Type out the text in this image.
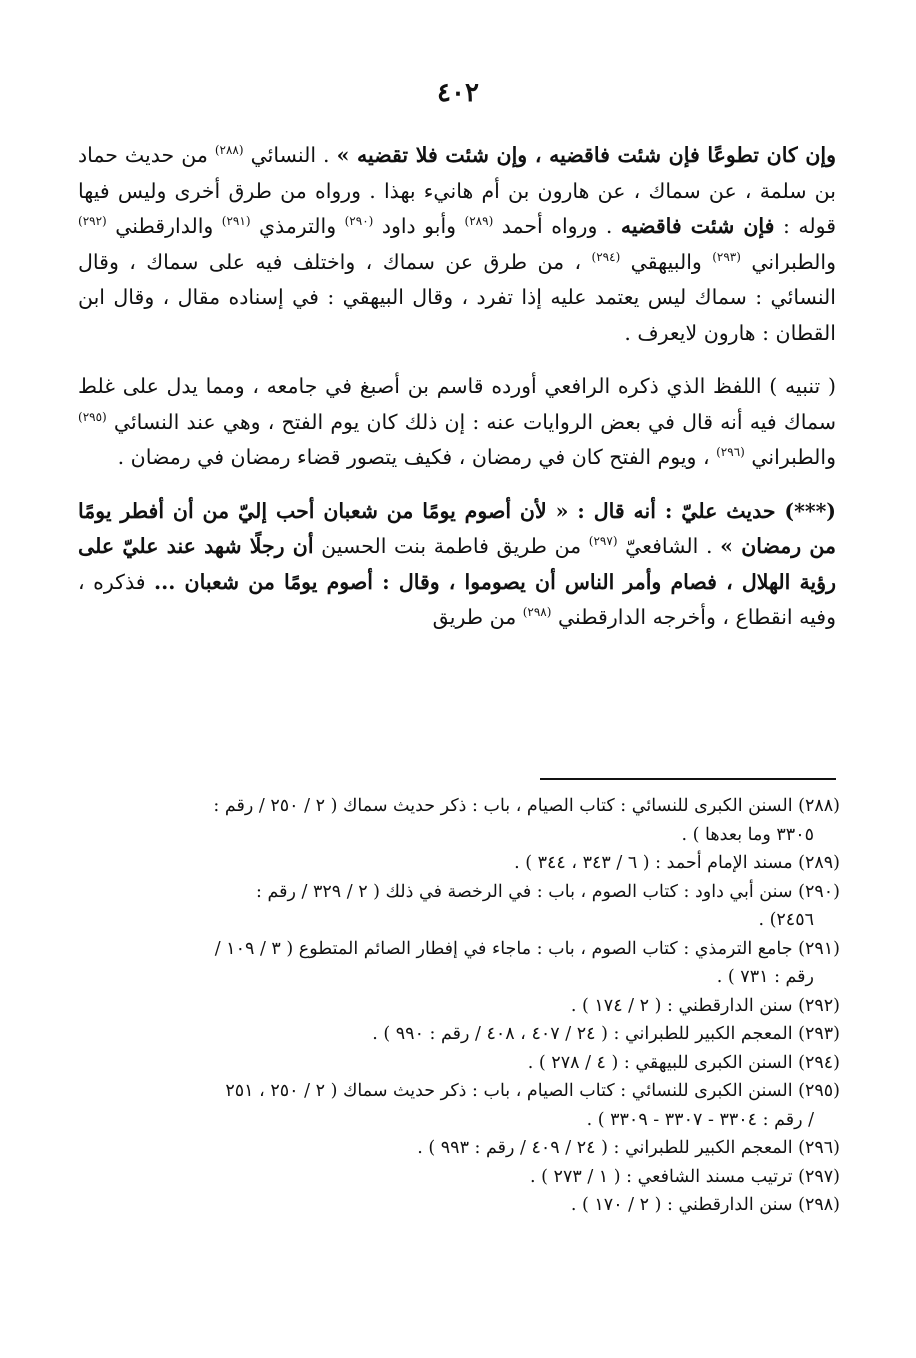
٤٠٢

وإن كان تطوعًا فإن شئت فاقضيه ، وإن شئت فلا تقضيه » . النسائي $^{(٢٨٨)}$ من حديث حماد بن سلمة ، عن سماك ، عن هارون بن أم هانيء بهذا . ورواه من طرق أخرى وليس فيها قوله : فإن شئت فاقضيه . ورواه أحمد $^{(٢٨٩)}$ وأبو داود $^{(٢٩٠)}$ والترمذي $^{(٢٩١)}$ والدارقطني $^{(٢٩٢)}$ والطبراني $^{(٢٩٣)}$ والبيهقي $^{(٢٩٤)}$ ، من طرق عن سماك ، واختلف فيه على سماك ، وقال النسائي : سماك ليس يعتمد عليه إذا تفرد ، وقال البيهقي : في إسناده مقال ، وقال ابن القطان : هارون لايعرف .

( تنبيه ) اللفظ الذي ذكره الرافعي أورده قاسم بن أصبغ في جامعه ، ومما يدل على غلط سماك فيه أنه قال في بعض الروايات عنه : إن ذلك كان يوم الفتح ، وهي عند النسائي $^{(٢٩٥)}$ والطبراني $^{(٢٩٦)}$ ، ويوم الفتح كان في رمضان ، فكيف يتصور قضاء رمضان في رمضان .

(***) حديث عليّ : أنه قال : « لأن أصوم يومًا من شعبان أحب إليّ من أن أفطر يومًا من رمضان » . الشافعيّ $^{(٢٩٧)}$ من طريق فاطمة بنت الحسين أن رجلًا شهد عند عليّ على رؤية الهلال ، فصام وأمر الناس أن يصوموا ، وقال : أصوم يومًا من شعبان ... فذكره ، وفيه انقطاع ، وأخرجه الدارقطني $^{(٢٩٨)}$ من طريق

(٢٨٨) السنن الكبرى للنسائي : كتاب الصيام ، باب : ذكر حديث سماك ( ٢ / ٢٥٠ / رقم :
٣٣٠٥ وما بعدها ) .

(٢٨٩) مسند الإمام أحمد : ( ٦ / ٣٤٣ ، ٣٤٤ ) .

(٢٩٠) سنن أبي داود : كتاب الصوم ، باب : في الرخصة في ذلك ( ٢ / ٣٢٩ / رقم :
٢٤٥٦) .

(٢٩١) جامع الترمذي : كتاب الصوم ، باب : ماجاء في إفطار الصائم المتطوع ( ٣ / ١٠٩ /
رقم : ٧٣١ ) .

(٢٩٢) سنن الدارقطني : ( ٢ / ١٧٤ ) .

(٢٩٣) المعجم الكبير للطبراني : ( ٢٤ / ٤٠٧ ، ٤٠٨ / رقم : ٩٩٠ ) .

(٢٩٤) السنن الكبرى للبيهقي : ( ٤ / ٢٧٨ ) .

(٢٩٥) السنن الكبرى للنسائي : كتاب الصيام ، باب : ذكر حديث سماك ( ٢ / ٢٥٠ ، ٢٥١
/ رقم : ٣٣٠٤ - ٣٣٠٧ - ٣٣٠٩ ) .

(٢٩٦) المعجم الكبير للطبراني : ( ٢٤ / ٤٠٩ / رقم : ٩٩٣ ) .

(٢٩٧) ترتيب مسند الشافعي : ( ١ / ٢٧٣ ) .

(٢٩٨) سنن الدارقطني : ( ٢ / ١٧٠ ) .
